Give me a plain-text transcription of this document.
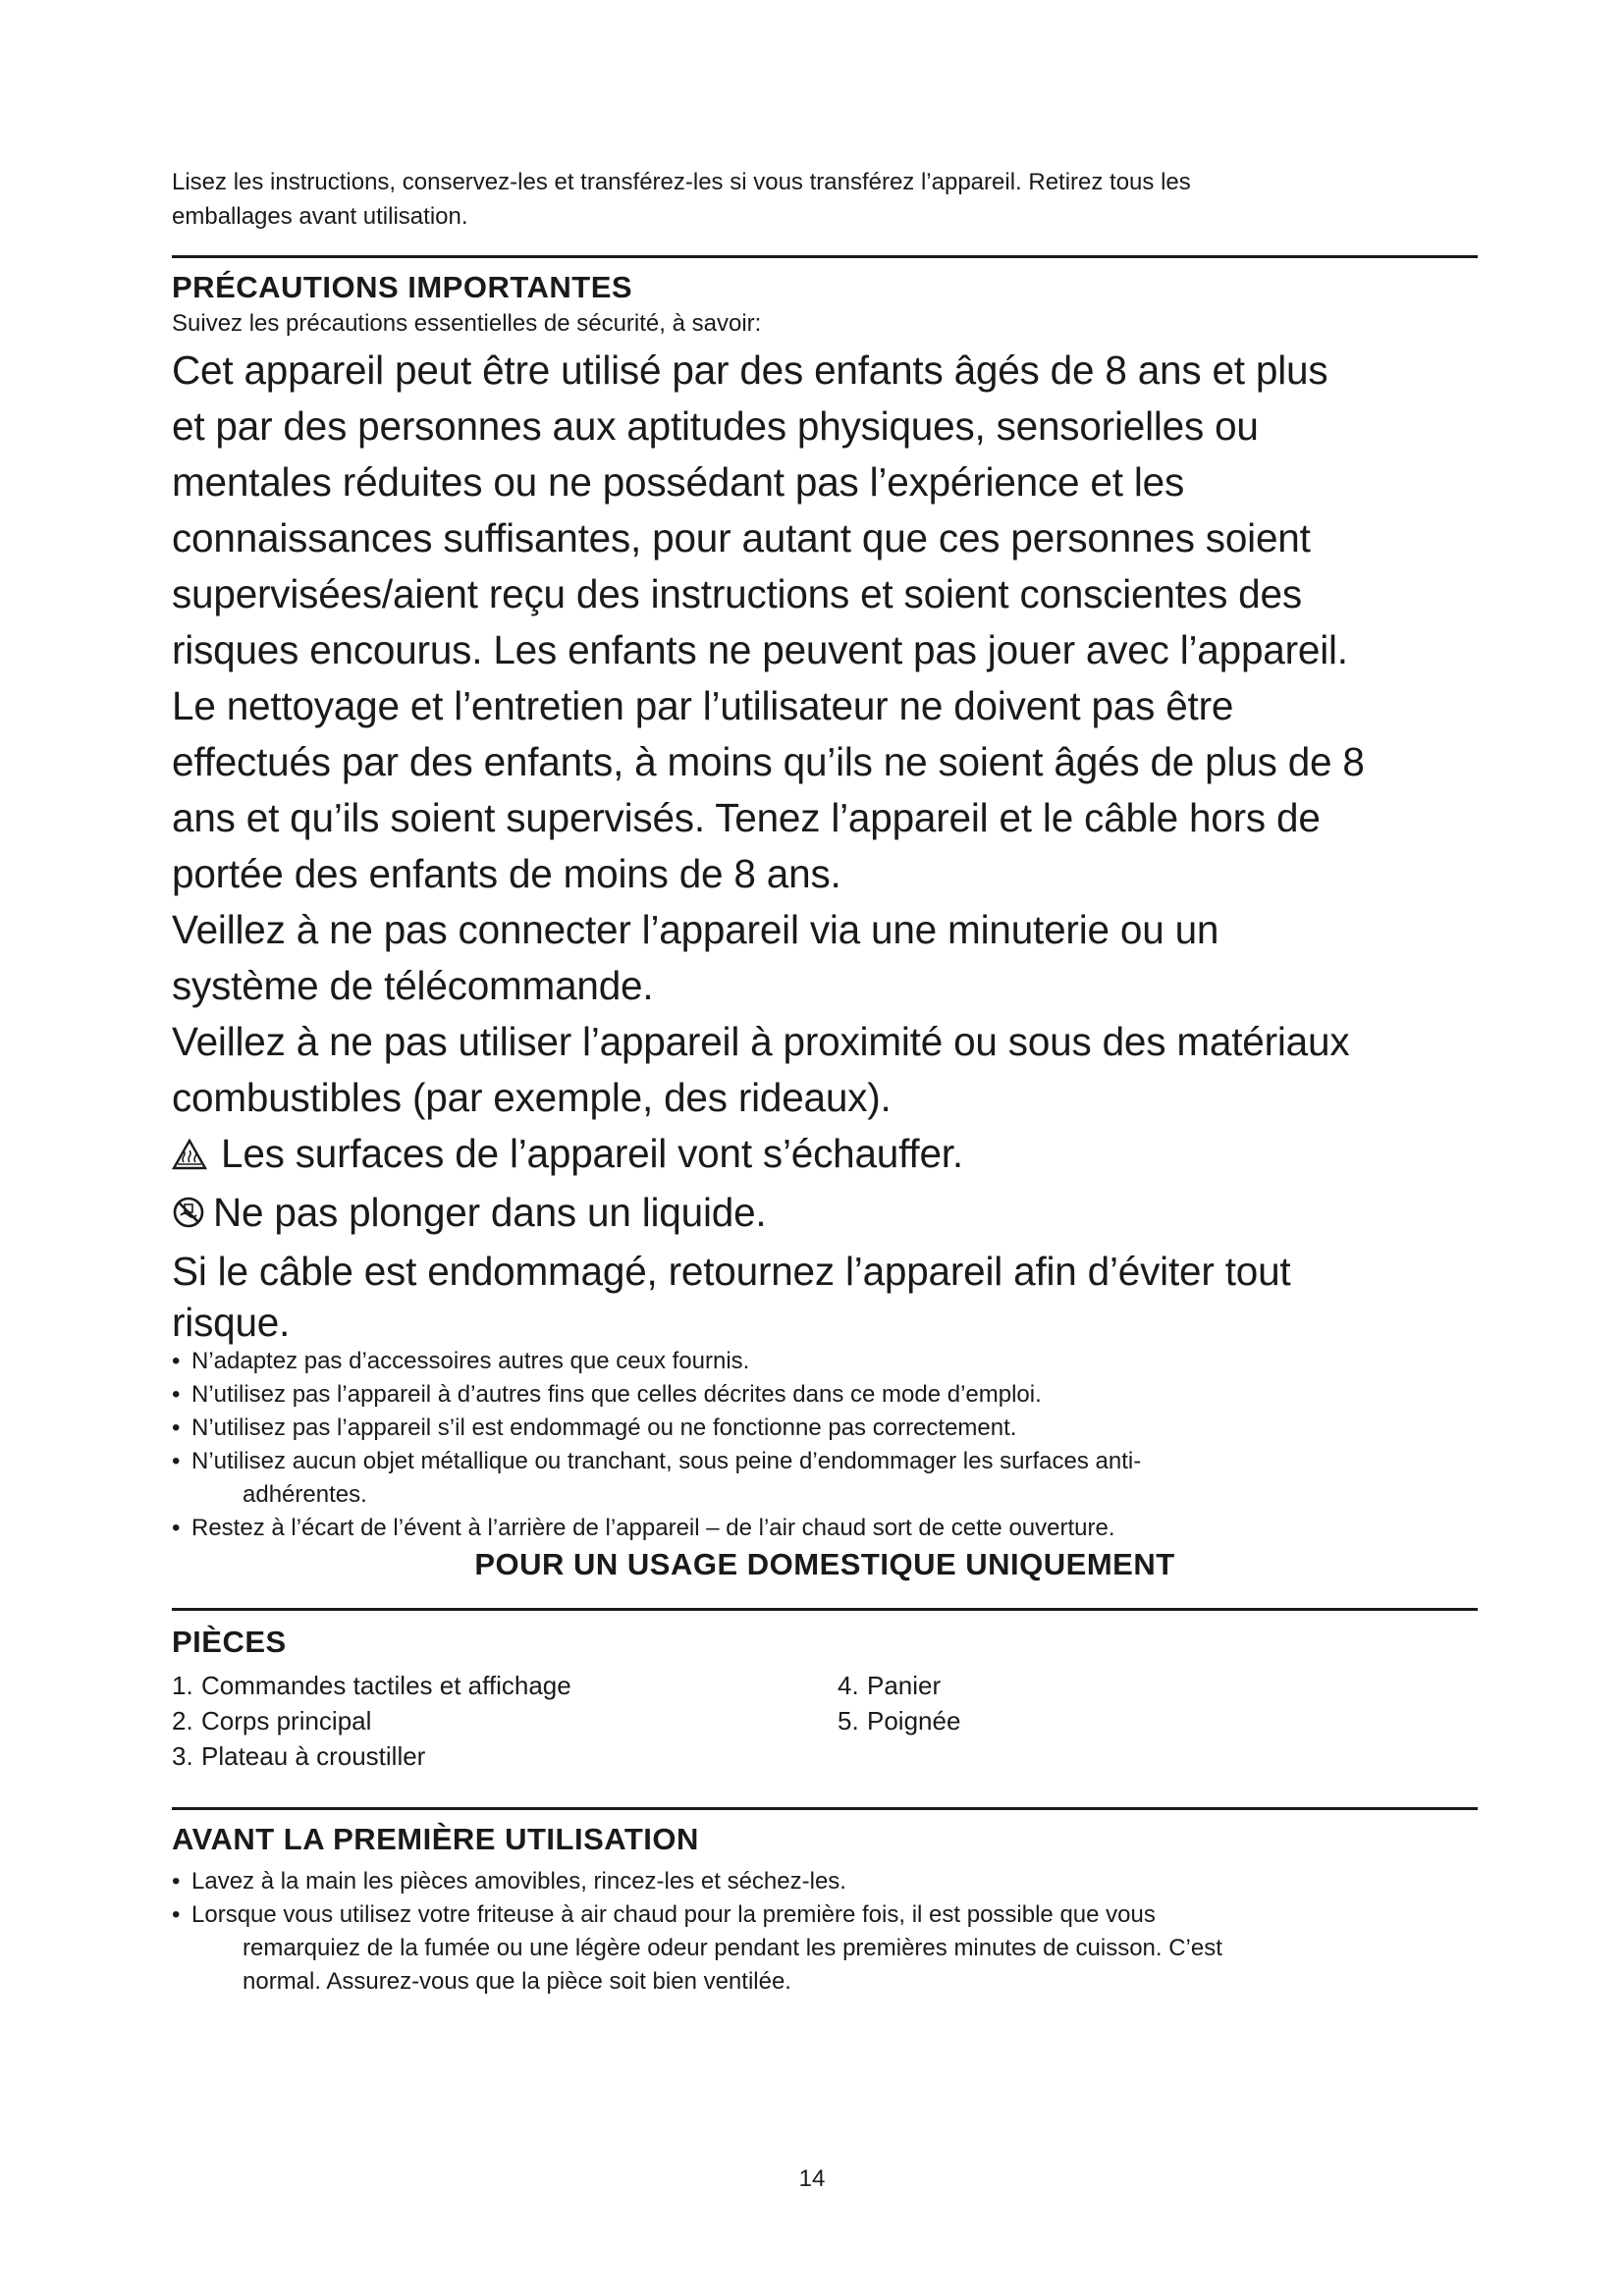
Lisez les instructions, conservez-les et transférez-les si vous transférez l’appareil. Retirez tous les
emballages avant utilisation.

PRÉCAUTIONS IMPORTANTES

Suivez les précautions essentielles de sécurité, à savoir:

Cet appareil peut être utilisé par des enfants âgés de 8 ans et plus

et par des personnes aux aptitudes physiques, sensorielles ou

mentales réduites ou ne possédant pas l’expérience et les

connaissances suffisantes, pour autant que ces personnes soient

supervisées/aient reçu des instructions et soient conscientes des

risques encourus. Les enfants ne peuvent pas jouer avec l’appareil.

Le nettoyage et l’entretien par l’utilisateur ne doivent pas être

effectués par des enfants, à moins qu’ils ne soient âgés de plus de 8

ans et qu’ils soient supervisés. Tenez l’appareil et le câble hors de

portée des enfants de moins de 8 ans.

Veillez à ne pas connecter l’appareil via une minuterie ou un

système de télécommande.

Veillez à ne pas utiliser l’appareil à proximité ou sous des matériaux

combustibles (par exemple, des rideaux).

Les surfaces de l’appareil vont s’échauffer.

Ne pas plonger dans un liquide.

Si le câble est endommagé, retournez l’appareil afin d’éviter tout

risque.

• N’adaptez pas d’accessoires autres que ceux fournis.
• N’utilisez pas l’appareil à d’autres fins que celles décrites dans ce mode d’emploi.
• N’utilisez pas l’appareil s’il est endommagé ou ne fonctionne pas correctement.
• N’utilisez aucun objet métallique ou tranchant, sous peine d’endommager les surfaces anti-
adhérentes.
• Restez à l’écart de l’évent à l’arrière de l’appareil – de l’air chaud sort de cette ouverture.

POUR UN USAGE DOMESTIQUE UNIQUEMENT

PIÈCES
1. Commandes tactiles et affichage	4. Panier
2. Corps principal	5. Poignée
3. Plateau à croustiller
AVANT LA PREMIÈRE UTILISATION
• Lavez à la main les pièces amovibles, rincez-les et séchez-les.
• Lorsque vous utilisez votre friteuse à air chaud pour la première fois, il est possible que vous
remarquiez de la fumée ou une légère odeur pendant les premières minutes de cuisson. C’est
normal. Assurez-vous que la pièce soit bien ventilée.
14
